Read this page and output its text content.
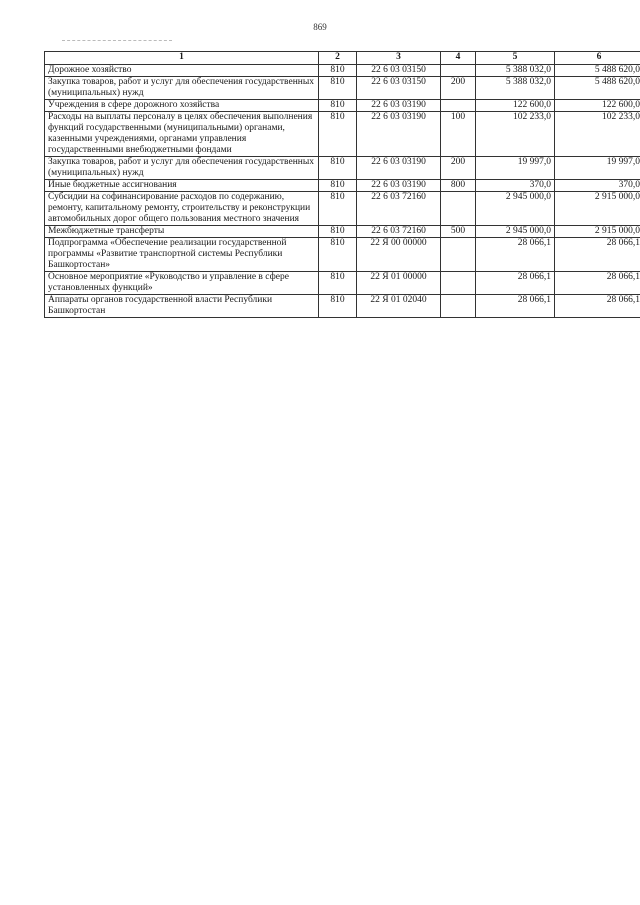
869
1	2	3	4	5	6
Дорожное хозяйство	810	22 6 03 03150		5 388 032,0	5 488 620,0
Закупка товаров, работ и услуг для обеспечения государственных (муниципальных) нужд	810	22 6 03 03150	200	5 388 032,0	5 488 620,0
Учреждения в сфере дорожного хозяйства	810	22 6 03 03190		122 600,0	122 600,0
Расходы на выплаты персоналу в целях обеспечения выполнения функций государственными (муниципальными) органами, казенными учреждениями, органами управления государственными внебюджетными фондами	810	22 6 03 03190	100	102 233,0	102 233,0
Закупка товаров, работ и услуг для обеспечения государственных (муниципальных) нужд	810	22 6 03 03190	200	19 997,0	19 997,0
Иные бюджетные ассигнования	810	22 6 03 03190	800	370,0	370,0
Субсидии на софинансирование расходов по содержанию, ремонту, капитальному ремонту, строительству и реконструкции автомобильных дорог общего пользования местного значения	810	22 6 03 72160		2 945 000,0	2 915 000,0
Межбюджетные трансферты	810	22 6 03 72160	500	2 945 000,0	2 915 000,0
Подпрограмма «Обеспечение реализации государственной программы «Развитие транспортной системы Республики Башкортостан»	810	22 Я 00 00000		28 066,1	28 066,1
Основное мероприятие «Руководство и управление в сфере установленных функций»	810	22 Я 01 00000		28 066,1	28 066,1
Аппараты органов государственной власти Республики Башкортостан	810	22 Я 01 02040		28 066,1	28 066,1
